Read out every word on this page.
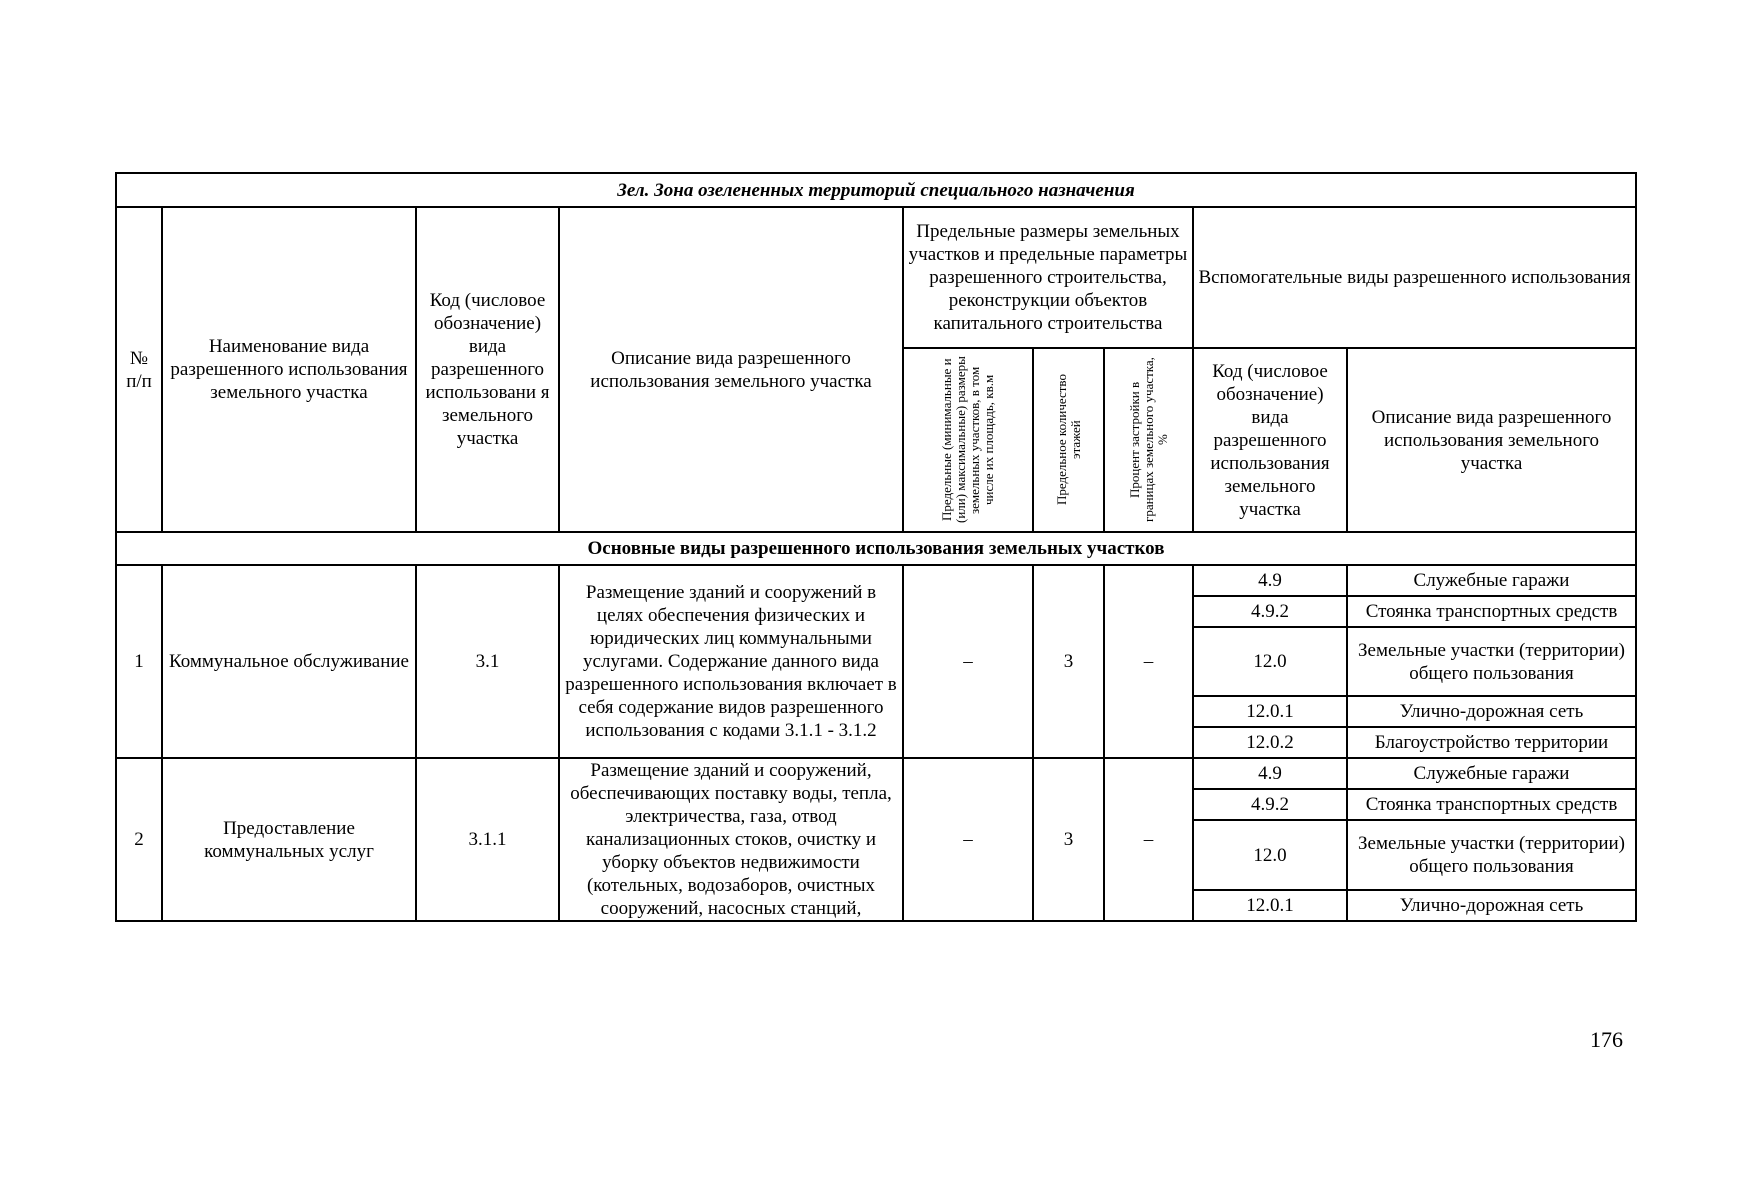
Зел. Зона озелененных территорий специального назначения								
№ п/п	Наименование вида разрешенного использования земельного участка	Код (числовое обозначение) вида разрешенного использовани я земельного участка	Описание вида разрешенного использования земельного участка	Предельные размеры земельных участков и предельные параметры разрешенного строительства, реконструкции объектов капитального строительства			Вспомогательные виды разрешенного использования	

				Предельные (минимальные и (или) максимальные) размеры земельных участков, в том числе их площадь, кв.м	Предельное количество этажей	Процент застройки в границах земельного участка, %	Код (числовое обозначение) вида разрешенного использования земельного участка	Описание вида разрешенного использования земельного участка
Основные виды разрешенного использования земельных участков								
1	Коммунальное обслуживание	3.1	Размещение зданий и сооружений в целях обеспечения физических и юридических лиц коммунальными услугами. Содержание данного вида разрешенного использования включает в себя содержание видов разрешенного использования с кодами 3.1.1 - 3.1.2	–	3	–	4.9	Служебные гаражи
							4.9.2	Стоянка транспортных средств
							12.0	Земельные участки (территории) общего пользования
							12.0.1	Улично-дорожная сеть
							12.0.2	Благоустройство территории
2	Предоставление коммунальных услуг	3.1.1	Размещение зданий и сооружений, обеспечивающих поставку воды, тепла, электричества, газа, отвод канализационных стоков, очистку и уборку объектов недвижимости (котельных, водозаборов, очистных сооружений, насосных станций,	–	3	–	4.9	Служебные гаражи
							4.9.2	Стоянка транспортных средств
							12.0	Земельные участки (территории) общего пользования
							12.0.1	Улично-дорожная сеть
176
